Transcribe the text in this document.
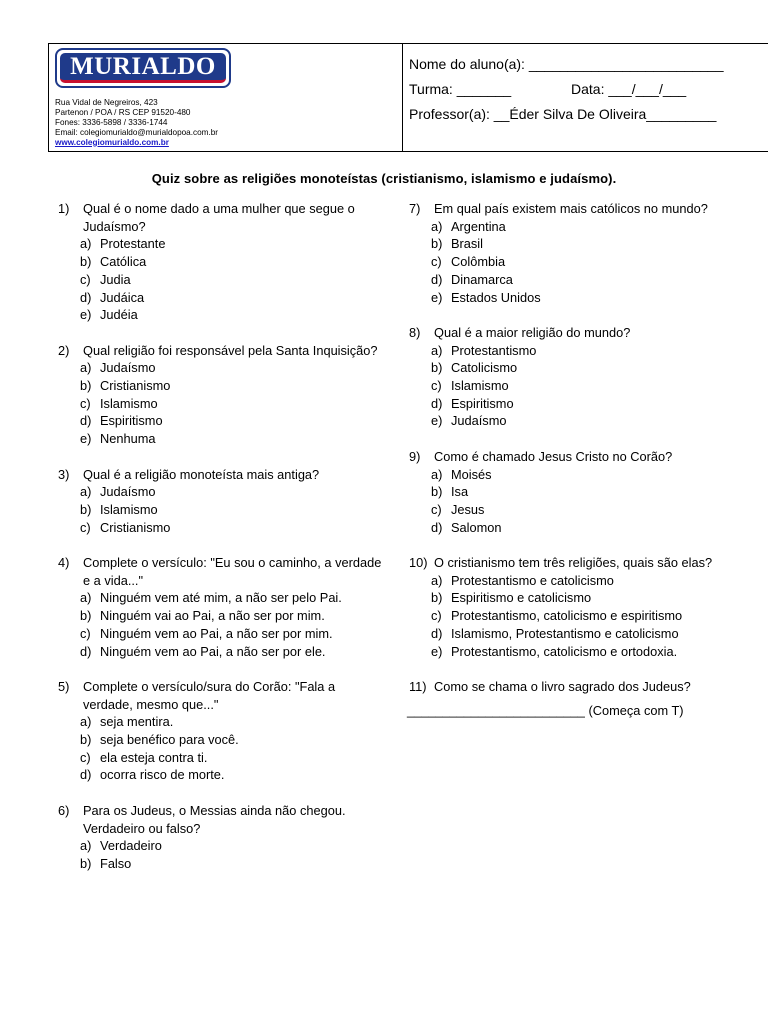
MURIALDO
Rua Vidal de Negreiros, 423
Partenon / POA / RS CEP 91520-480
Fones: 3336-5898 / 3336-1744
Email: colegiomurialdo@murialdopoa.com.br
www.colegiomurialdo.com.br
Nome do aluno(a): _________________________
Turma: _______	Data: ___/___/___
Professor(a): __Éder Silva De Oliveira_________
Quiz sobre as religiões monoteístas (cristianismo, islamismo e judaísmo).
1)	Qual é o nome dado a uma mulher que segue o Judaísmo?
a) Protestante
b) Católica
c) Judia
d) Judáica
e) Judéia
2)	Qual religião foi responsável pela Santa Inquisição?
a) Judaísmo
b) Cristianismo
c) Islamismo
d) Espiritismo
e) Nenhuma
3)	Qual é a religião monoteísta mais antiga?
a) Judaísmo
b) Islamismo
c) Cristianismo
4)	Complete o versículo: "Eu sou o caminho, a verdade e a vida..."
a) Ninguém vem até mim, a não ser pelo Pai.
b) Ninguém vai ao Pai, a não ser por mim.
c) Ninguém vem ao Pai, a não ser por mim.
d) Ninguém vem ao Pai, a não ser por ele.
5)	Complete o versículo/sura do Corão: "Fala a verdade, mesmo que..."
a) seja mentira.
b) seja benéfico para você.
c) ela esteja contra ti.
d) ocorra risco de morte.
6)	Para os Judeus, o Messias ainda não chegou. Verdadeiro ou falso?
a) Verdadeiro
b) Falso
7)	Em qual país existem mais católicos no mundo?
a) Argentina
b) Brasil
c) Colômbia
d) Dinamarca
e) Estados Unidos
8)	Qual é a maior religião do mundo?
a) Protestantismo
b) Catolicismo
c) Islamismo
d) Espiritismo
e) Judaísmo
9)	Como é chamado Jesus Cristo no Corão?
a) Moisés
b) Isa
c) Jesus
d) Salomon
10) O cristianismo tem três religiões, quais são elas?
a) Protestantismo e catolicismo
b) Espiritismo e catolicismo
c) Protestantismo, catolicismo e espiritismo
d) Islamismo, Protestantismo e catolicismo
e) Protestantismo, catolicismo e ortodoxia.
11) Como se chama o livro sagrado dos Judeus?
_________________________ (Começa com T)
